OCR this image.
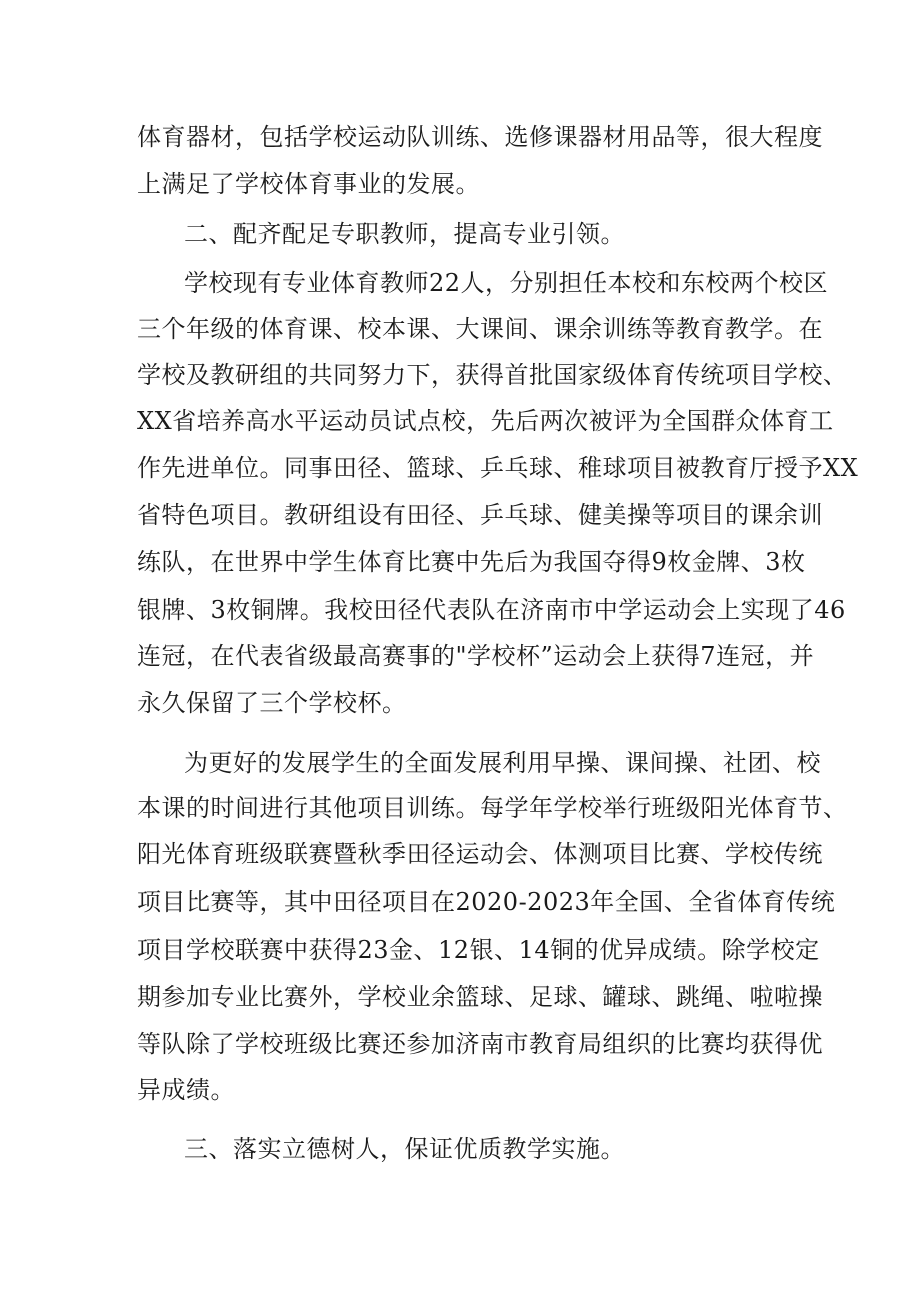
体育器材，包括学校运动队训练、选修课器材用品等，很大程度
上满足了学校体育事业的发展。
二、配齐配足专职教师，提高专业引领。
学校现有专业体育教师22人，分别担任本校和东校两个校区
三个年级的体育课、校本课、大课间、课余训练等教育教学。在
学校及教研组的共同努力下，获得首批国家级体育传统项目学校、
XX省培养高水平运动员试点校，先后两次被评为全国群众体育工
作先进单位。同事田径、篮球、乒乓球、稚球项目被教育厅授予XX
省特色项目。教研组设有田径、乒乓球、健美操等项目的课余训
练队，在世界中学生体育比赛中先后为我国夺得9枚金牌、3枚
银牌、3枚铜牌。我校田径代表队在济南市中学运动会上实现了46
连冠，在代表省级最高赛事的"学校杯”运动会上获得7连冠，并
永久保留了三个学校杯。
为更好的发展学生的全面发展利用早操、课间操、社团、校
本课的时间进行其他项目训练。每学年学校举行班级阳光体育节、
阳光体育班级联赛暨秋季田径运动会、体测项目比赛、学校传统
项目比赛等，其中田径项目在2020-2023年全国、全省体育传统
项目学校联赛中获得23金、12银、14铜的优异成绩。除学校定
期参加专业比赛外，学校业余篮球、足球、罐球、跳绳、啦啦操
等队除了学校班级比赛还参加济南市教育局组织的比赛均获得优
异成绩。
三、落实立德树人，保证优质教学实施。
